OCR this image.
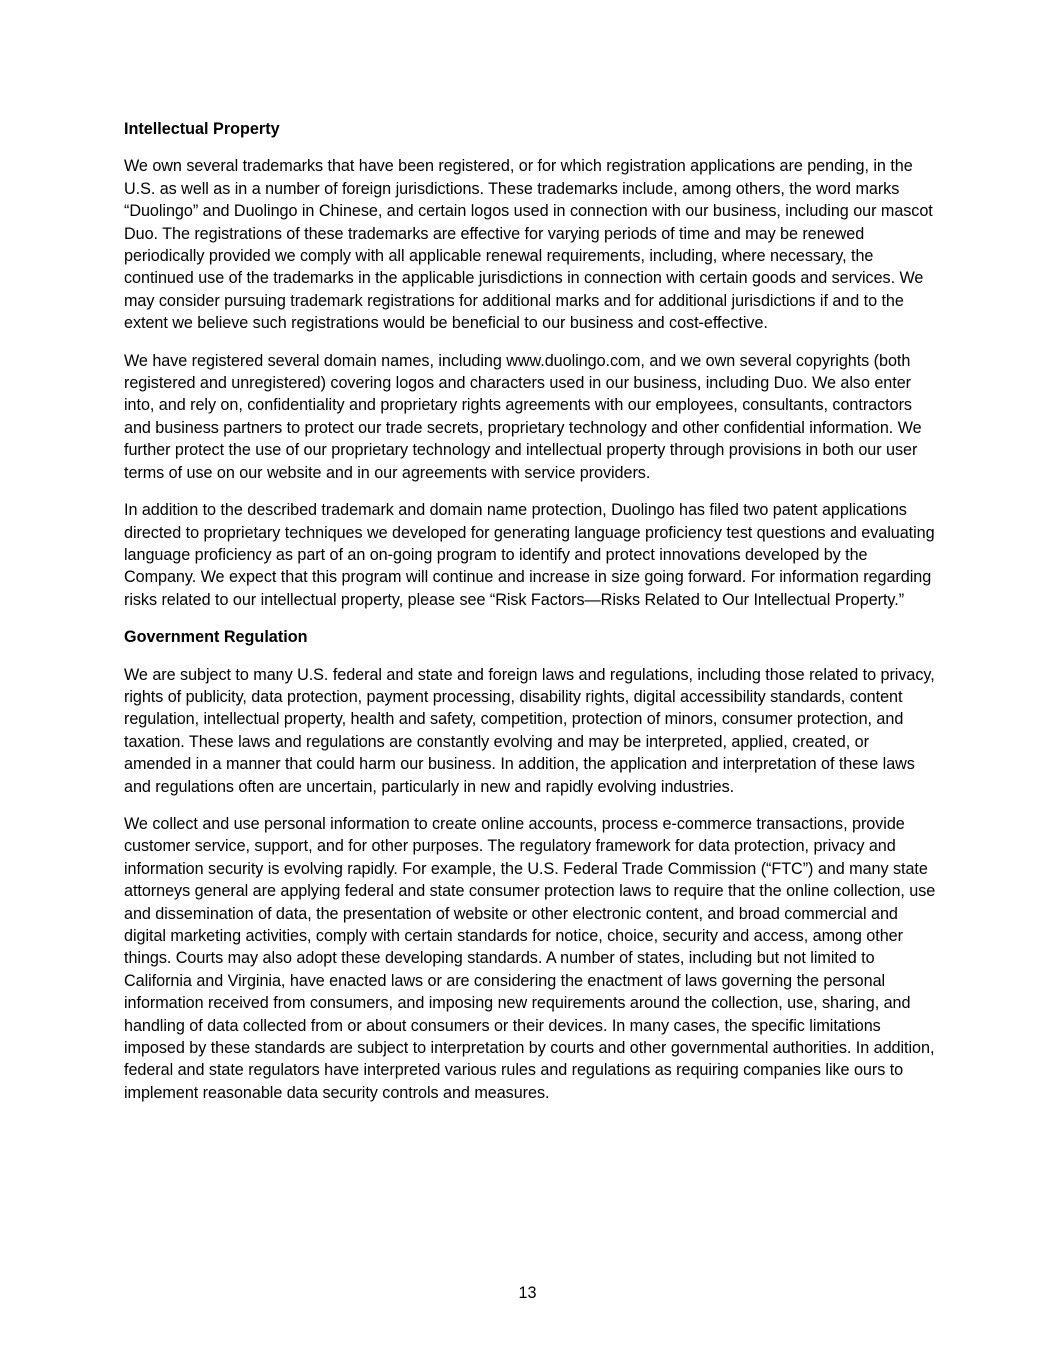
Intellectual Property

We own several trademarks that have been registered, or for which registration applications are pending, in the U.S. as well as in a number of foreign jurisdictions. These trademarks include, among others, the word marks “Duolingo” and Duolingo in Chinese, and certain logos used in connection with our business, including our mascot Duo. The registrations of these trademarks are effective for varying periods of time and may be renewed periodically provided we comply with all applicable renewal requirements, including, where necessary, the continued use of the trademarks in the applicable jurisdictions in connection with certain goods and services. We may consider pursuing trademark registrations for additional marks and for additional jurisdictions if and to the extent we believe such registrations would be beneficial to our business and cost-effective.

We have registered several domain names, including www.duolingo.com, and we own several copyrights (both registered and unregistered) covering logos and characters used in our business, including Duo. We also enter into, and rely on, confidentiality and proprietary rights agreements with our employees, consultants, contractors and business partners to protect our trade secrets, proprietary technology and other confidential information. We further protect the use of our proprietary technology and intellectual property through provisions in both our user terms of use on our website and in our agreements with service providers.

In addition to the described trademark and domain name protection, Duolingo has filed two patent applications directed to proprietary techniques we developed for generating language proficiency test questions and evaluating language proficiency as part of an on-going program to identify and protect innovations developed by the Company. We expect that this program will continue and increase in size going forward. For information regarding risks related to our intellectual property, please see “Risk Factors—Risks Related to Our Intellectual Property.”

Government Regulation

We are subject to many U.S. federal and state and foreign laws and regulations, including those related to privacy, rights of publicity, data protection, payment processing, disability rights, digital accessibility standards, content regulation, intellectual property, health and safety, competition, protection of minors, consumer protection, and taxation. These laws and regulations are constantly evolving and may be interpreted, applied, created, or amended in a manner that could harm our business. In addition, the application and interpretation of these laws and regulations often are uncertain, particularly in new and rapidly evolving industries.

We collect and use personal information to create online accounts, process e-commerce transactions, provide customer service, support, and for other purposes. The regulatory framework for data protection, privacy and information security is evolving rapidly. For example, the U.S. Federal Trade Commission (“FTC”) and many state attorneys general are applying federal and state consumer protection laws to require that the online collection, use and dissemination of data, the presentation of website or other electronic content, and broad commercial and digital marketing activities, comply with certain standards for notice, choice, security and access, among other things. Courts may also adopt these developing standards. A number of states, including but not limited to California and Virginia, have enacted laws or are considering the enactment of laws governing the personal information received from consumers, and imposing new requirements around the collection, use, sharing, and handling of data collected from or about consumers or their devices. In many cases, the specific limitations imposed by these standards are subject to interpretation by courts and other governmental authorities. In addition, federal and state regulators have interpreted various rules and regulations as requiring companies like ours to implement reasonable data security controls and measures.

13
